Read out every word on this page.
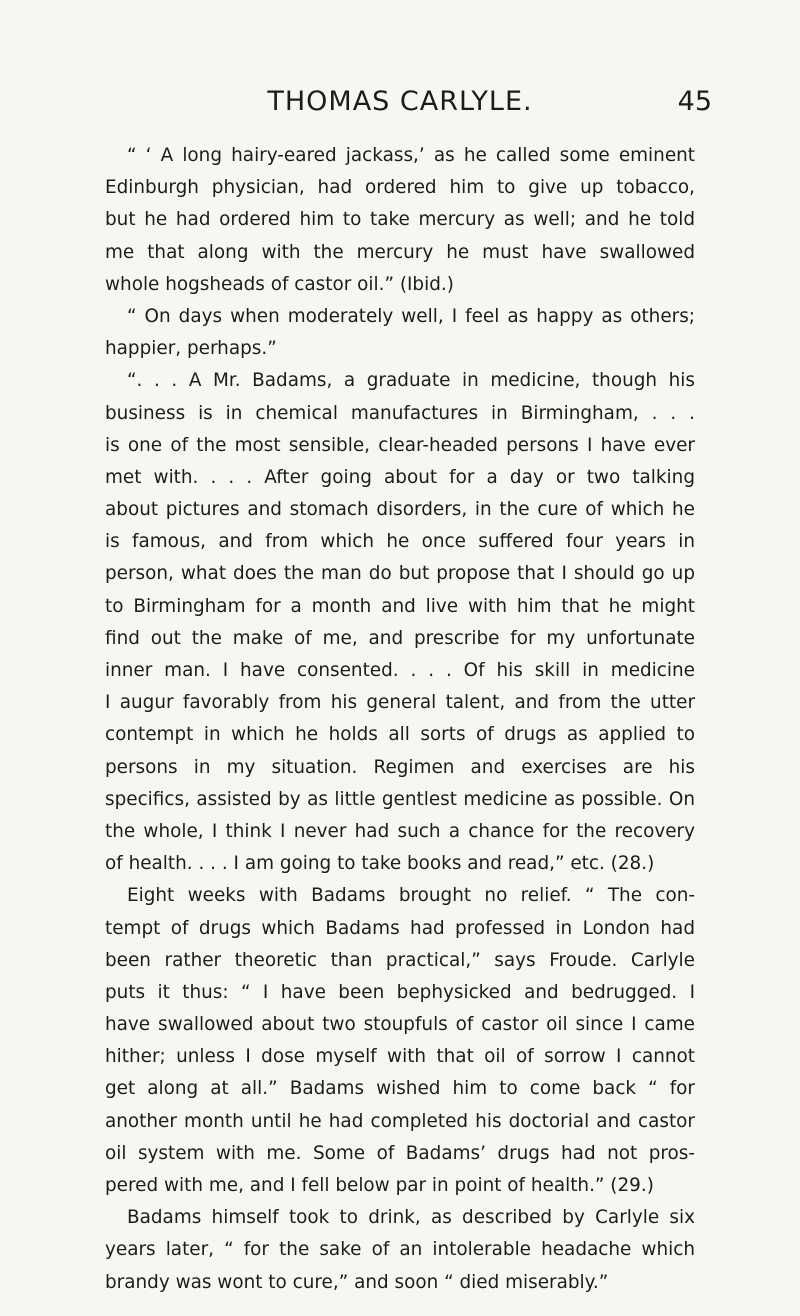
THOMAS CARLYLE.	45
“ ‘ A long hairy-eared jackass,’ as he called some eminent
Edinburgh physician, had ordered him to give up tobacco,
but he had ordered him to take mercury as well; and he told
me that along with the mercury he must have swallowed
whole hogsheads of castor oil.” (Ibid.)
“ On days when moderately well, I feel as happy as others;
happier, perhaps.”
“. . . A Mr. Badams, a graduate in medicine, though his
business is in chemical manufactures in Birmingham, . . .
is one of the most sensible, clear-headed persons I have ever
met with. . . . After going about for a day or two talking
about pictures and stomach disorders, in the cure of which he
is famous, and from which he once suffered four years in
person, what does the man do but propose that I should go up
to Birmingham for a month and live with him that he might
find out the make of me, and prescribe for my unfortunate
inner man. I have consented. . . . Of his skill in medicine
I augur favorably from his general talent, and from the utter
contempt in which he holds all sorts of drugs as applied to
persons in my situation. Regimen and exercises are his
specifics, assisted by as little gentlest medicine as possible. On
the whole, I think I never had such a chance for the recovery
of health. . . . I am going to take books and read,” etc. (28.)
Eight weeks with Badams brought no relief. “ The con-
tempt of drugs which Badams had professed in London had
been rather theoretic than practical,” says Froude. Carlyle
puts it thus: “ I have been bephysicked and bedrugged. I
have swallowed about two stoupfuls of castor oil since I came
hither; unless I dose myself with that oil of sorrow I cannot
get along at all.” Badams wished him to come back “ for
another month until he had completed his doctorial and castor
oil system with me. Some of Badams’ drugs had not pros-
pered with me, and I fell below par in point of health.” (29.)
Badams himself took to drink, as described by Carlyle six
years later, “ for the sake of an intolerable headache which
brandy was wont to cure,” and soon “ died miserably.”
